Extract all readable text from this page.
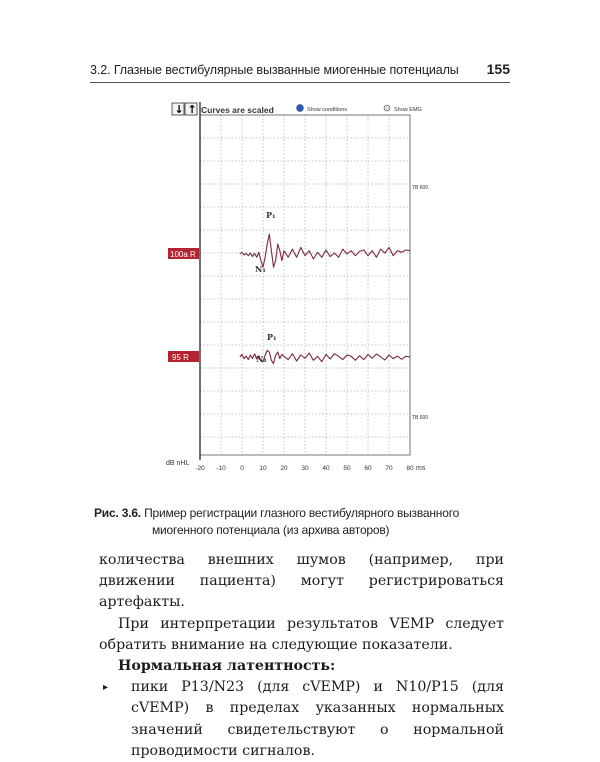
3.2. Глазные вестибулярные вызванные миогенные потенциалы 155
↓ ↑ Curves are scaled	Show conditions	Show EMG
TB 600
TB 600
100a R
95 R
P₁
N₁
P₁
N₁
dB nHL
ms
-20 -10 0 10 20 30 40 50 60 70 80
Рис. 3.6. Пример регистрации глазного вестибулярного вызванного
миогенного потенциала (из архива авторов)

количества внешних шумов (например, при движении пациента) могут регистрироваться артефакты.

При интерпретации результатов VEMP следует обратить внимание на следующие показатели.

Нормальная латентность:

▸ пики P13/N23 (для cVEMP) и N10/P15 (для cVEMP) в пределах указанных нормальных значений свидетельствуют о нормальной проводимости сигналов.
